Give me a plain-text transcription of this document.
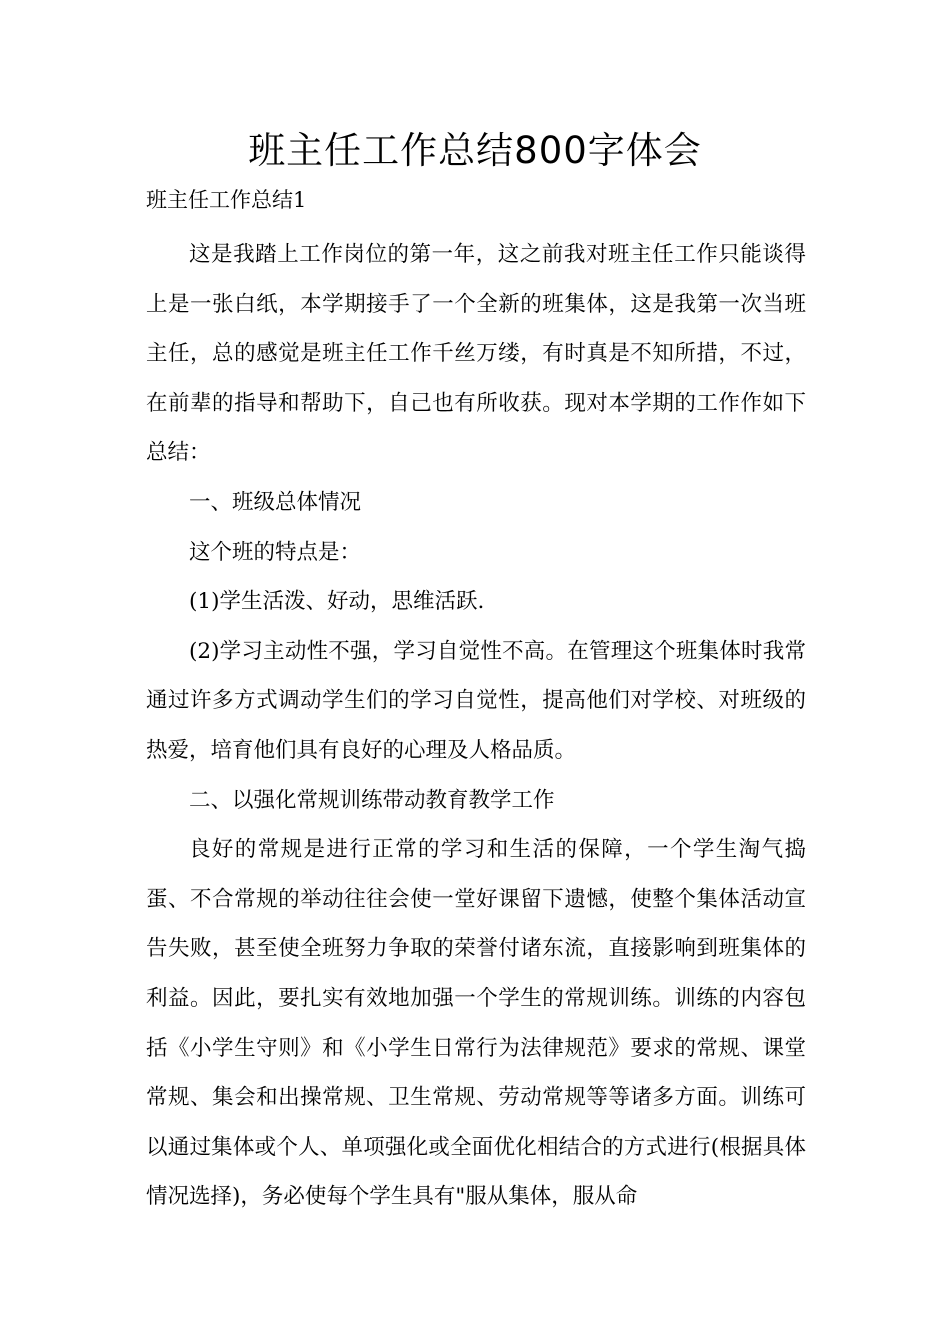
班主任工作总结800字体会
班主任工作总结1

这是我踏上工作岗位的第一年，这之前我对班主任工作只能谈得上是一张白纸，本学期接手了一个全新的班集体，这是我第一次当班主任，总的感觉是班主任工作千丝万缕，有时真是不知所措，不过，在前辈的指导和帮助下，自己也有所收获。现对本学期的工作作如下总结：

一、班级总体情况

这个班的特点是：

(1)学生活泼、好动，思维活跃.

(2)学习主动性不强，学习自觉性不高。在管理这个班集体时我常通过许多方式调动学生们的学习自觉性，提高他们对学校、对班级的热爱，培育他们具有良好的心理及人格品质。

二、以强化常规训练带动教育教学工作

良好的常规是进行正常的学习和生活的保障，一个学生淘气捣蛋、不合常规的举动往往会使一堂好课留下遗憾，使整个集体活动宣告失败，甚至使全班努力争取的荣誉付诸东流，直接影响到班集体的利益。因此，要扎实有效地加强一个学生的常规训练。训练的内容包括《小学生守则》和《小学生日常行为法律规范》要求的常规、课堂常规、集会和出操常规、卫生常规、劳动常规等等诸多方面。训练可以通过集体或个人、单项强化或全面优化相结合的方式进行(根据具体情况选择)，务必使每个学生具有"服从集体，服从命
